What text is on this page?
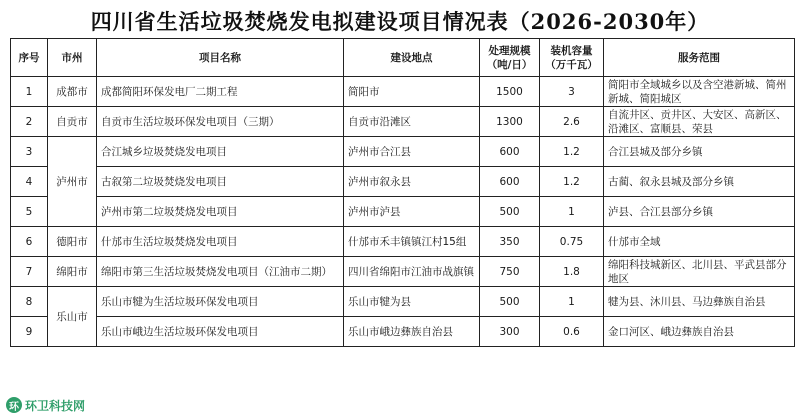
四川省生活垃圾焚烧发电拟建设项目情况表（2026-2030年）
序号	市州	项目名称	建设地点	处理规模（吨/日）	装机容量（万千瓦）	服务范围
1	成都市	成都简阳环保发电厂二期工程	简阳市	1500	3	简阳市全域城乡以及含空港新城、简州新城、简阳城区
2	自贡市	自贡市生活垃圾环保发电项目（三期）	自贡市沿滩区	1300	2.6	自流井区、贡井区、大安区、高新区、沿滩区、富顺县、荣县
3	泸州市	合江城乡垃圾焚烧发电项目	泸州市合江县	600	1.2	合江县城及部分乡镇
4		古叙第二垃圾焚烧发电项目	泸州市叙永县	600	1.2	古蔺、叙永县城及部分乡镇
5		泸州市第二垃圾焚烧发电项目	泸州市泸县	500	1	泸县、合江县部分乡镇
6	德阳市	什邡市生活垃圾焚烧发电项目	什邡市禾丰镇镇江村15组	350	0.75	什邡市全域
7	绵阳市	绵阳市第三生活垃圾焚烧发电项目（江油市二期）	四川省绵阳市江油市战旗镇	750	1.8	绵阳科技城新区、北川县、平武县部分地区
8	乐山市	乐山市犍为生活垃圾环保发电项目	乐山市犍为县	500	1	犍为县、沐川县、马边彝族自治县
9		乐山市峨边生活垃圾环保发电项目	乐山市峨边彝族自治县	300	0.6	金口河区、峨边彝族自治县
环 环卫科技网
